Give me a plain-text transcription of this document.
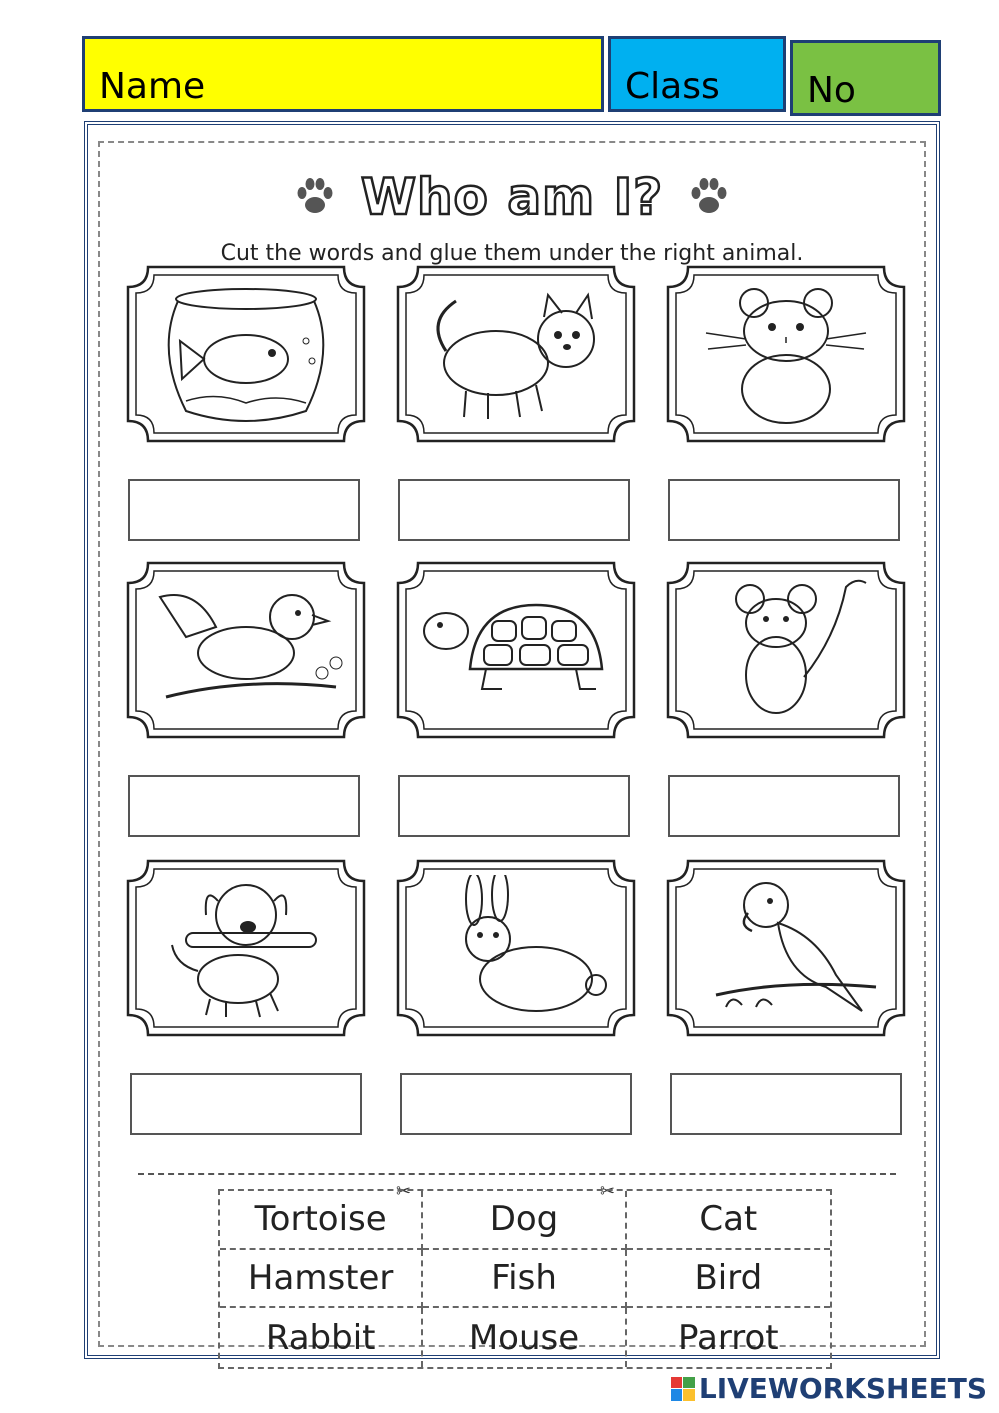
Name	Class No
Who am I?
Cut the words and glue them under the right animal.
✂	✂
Tortoise	Dog	Cat
Hamster	Fish	Bird
Rabbit	Mouse	Parrot
LIVEWORKSHEETS
